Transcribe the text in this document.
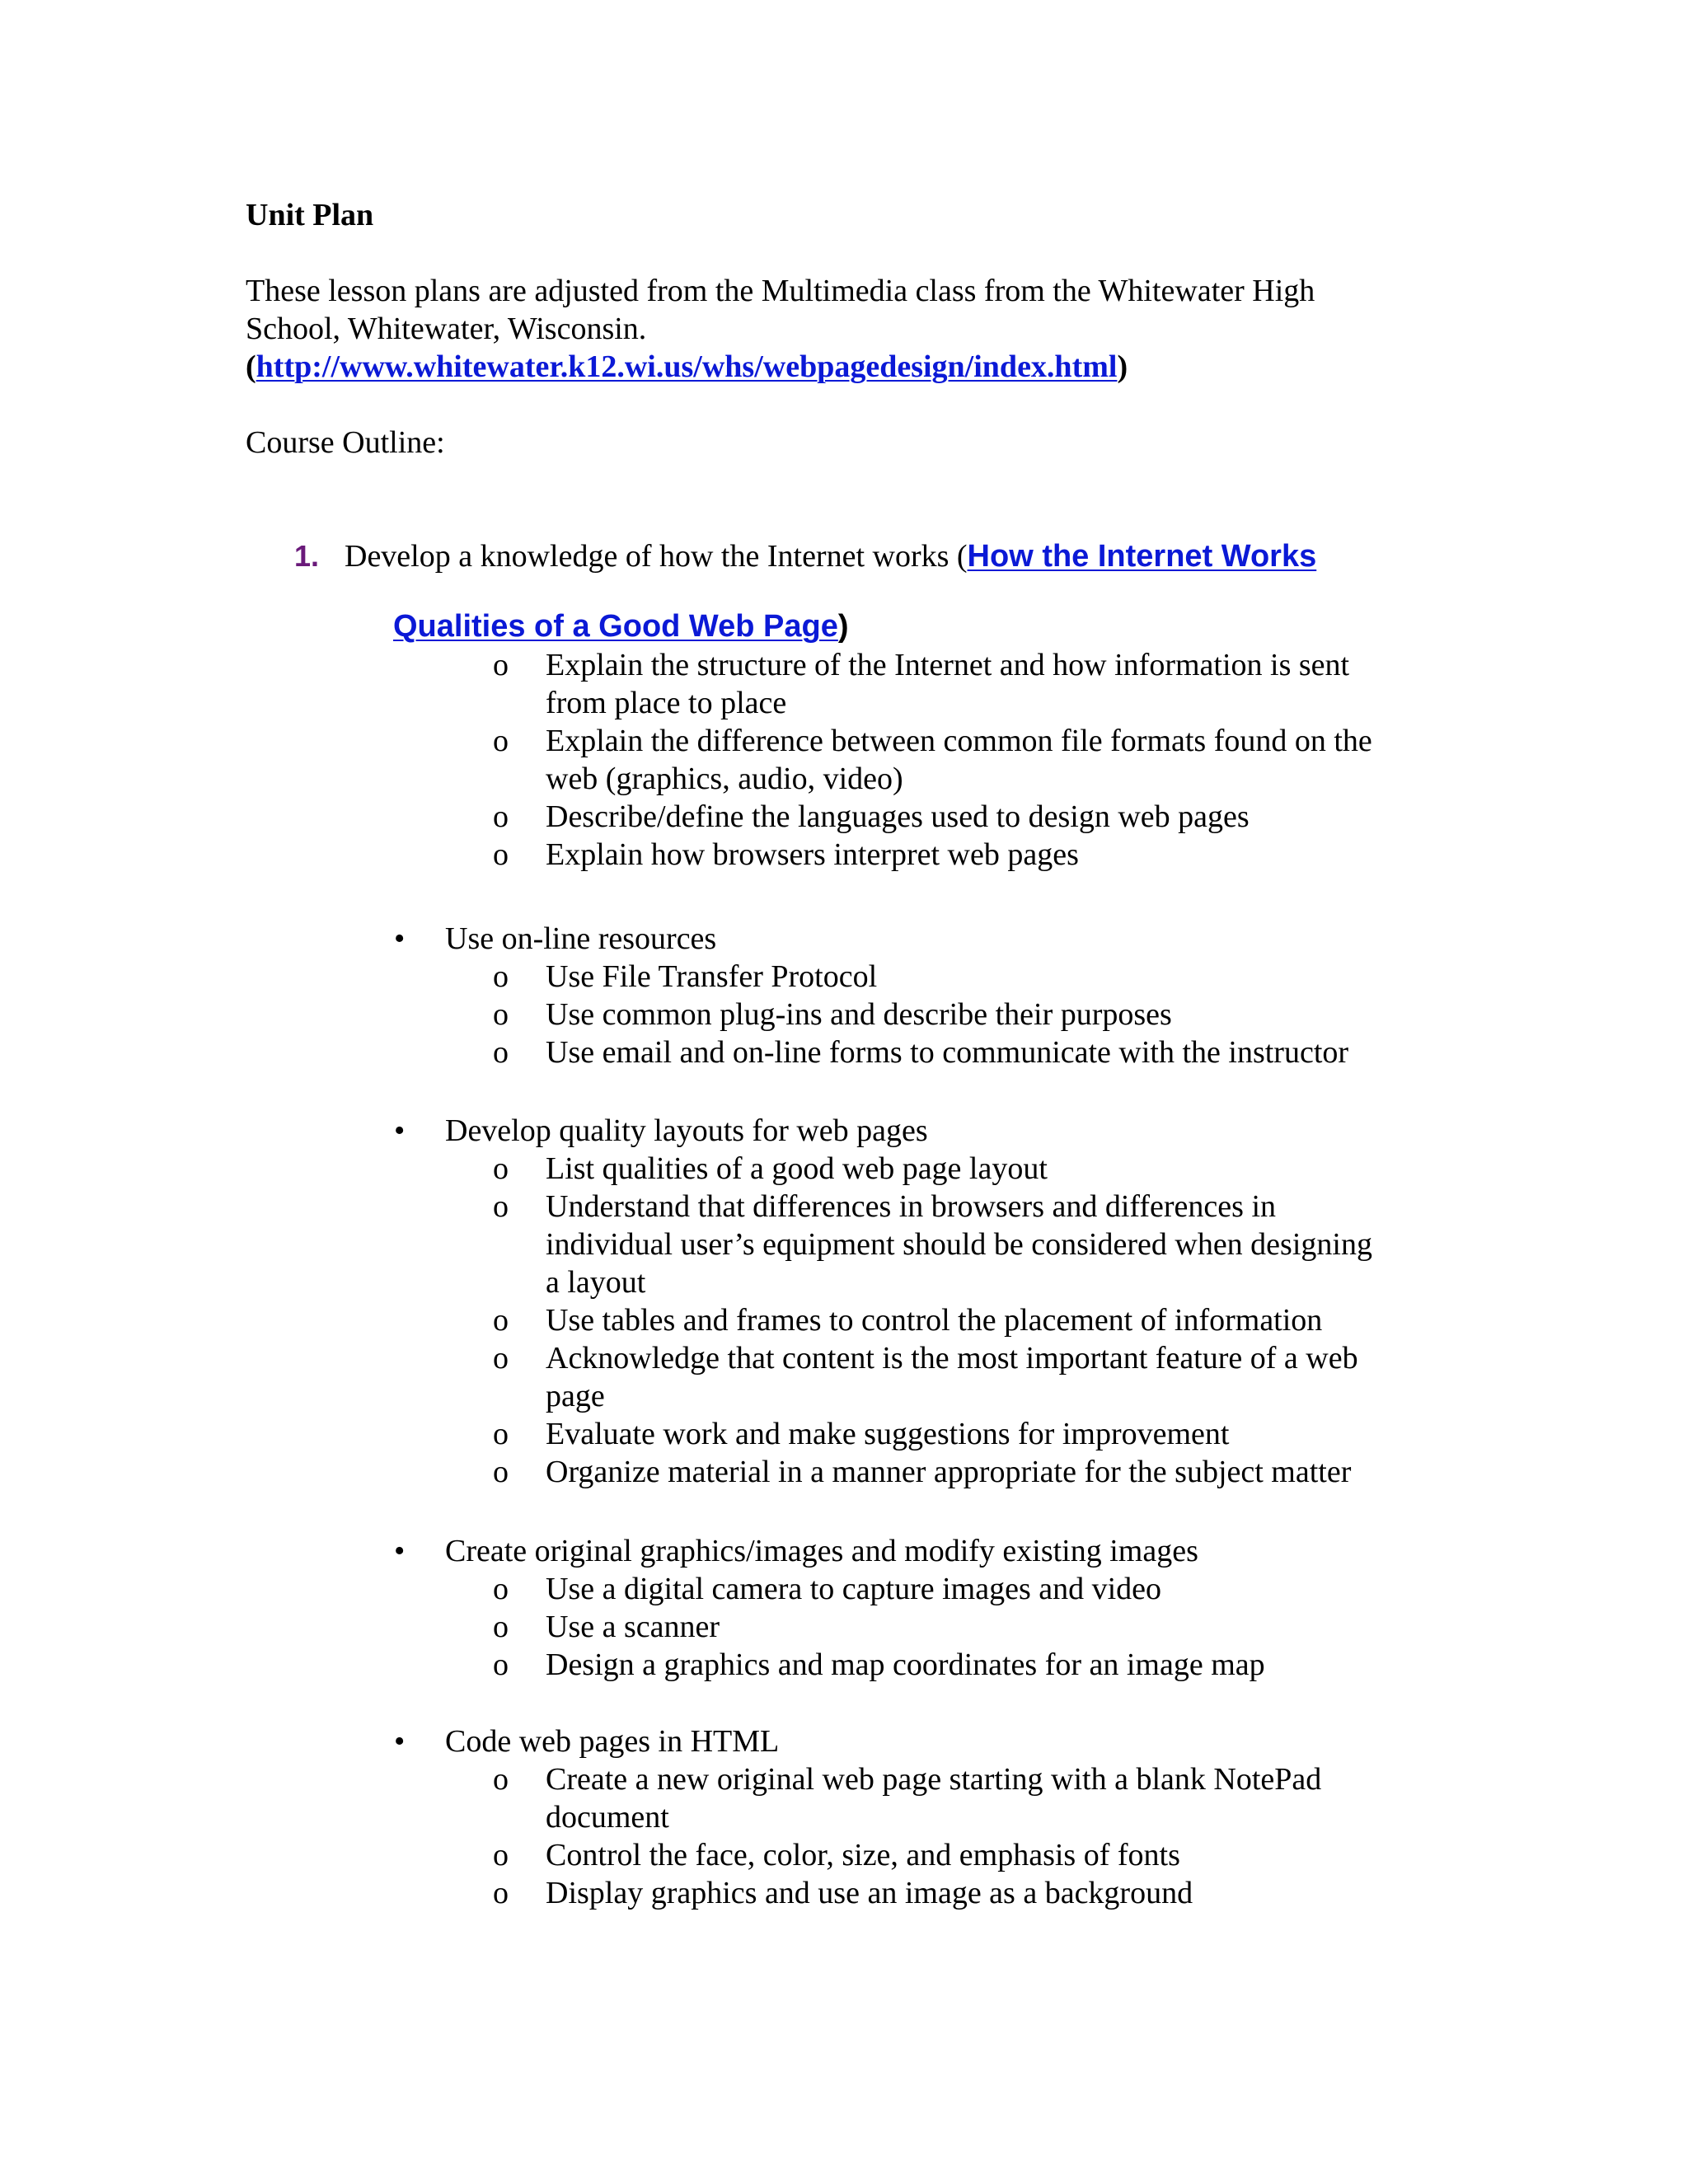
Unit Plan
These lesson plans are adjusted from the Multimedia class from the Whitewater High
School, Whitewater, Wisconsin.
(http://www.whitewater.k12.wi.us/whs/webpagedesign/index.html)
Course Outline:
1. Develop a knowledge of how the Internet works (How the Internet Works
Qualities of a Good Web Page)
o Explain the structure of the Internet and how information is sent
from place to place
o Explain the difference between common file formats found on the
web (graphics, audio, video)
o Describe/define the languages used to design web pages
o Explain how browsers interpret web pages
• Use on-line resources
o Use File Transfer Protocol
o Use common plug-ins and describe their purposes
o Use email and on-line forms to communicate with the instructor
• Develop quality layouts for web pages
o List qualities of a good web page layout
o Understand that differences in browsers and differences in
individual user’s equipment should be considered when designing
a layout
o Use tables and frames to control the placement of information
o Acknowledge that content is the most important feature of a web
page
o Evaluate work and make suggestions for improvement
o Organize material in a manner appropriate for the subject matter
• Create original graphics/images and modify existing images
o Use a digital camera to capture images and video
o Use a scanner
o Design a graphics and map coordinates for an image map
• Code web pages in HTML
o Create a new original web page starting with a blank NotePad
document
o Control the face, color, size, and emphasis of fonts
o Display graphics and use an image as a background
